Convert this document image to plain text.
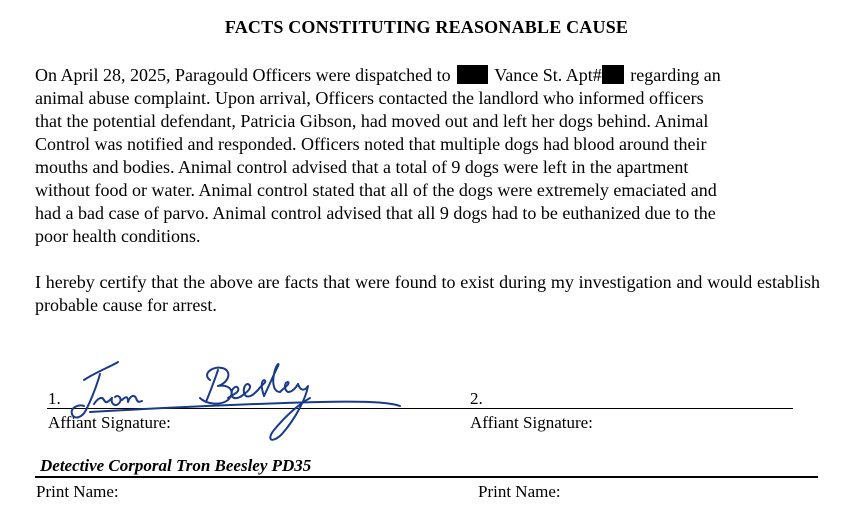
FACTS CONSTITUTING REASONABLE CAUSE
On April 28, 2025, Paragould Officers were dispatched to Vance St. Apt# regarding an
animal abuse complaint. Upon arrival, Officers contacted the landlord who informed officers
that the potential defendant, Patricia Gibson, had moved out and left her dogs behind. Animal
Control was notified and responded. Officers noted that multiple dogs had blood around their
mouths and bodies. Animal control advised that a total of 9 dogs were left in the apartment
without food or water. Animal control stated that all of the dogs were extremely emaciated and
had a bad case of parvo. Animal control advised that all 9 dogs had to be euthanized due to the
poor health conditions.
I hereby certify that the above are facts that were found to exist during my investigation and would establish probable cause for arrest.
1.	2.
Affiant Signature:	Affiant Signature:
Detective Corporal Tron Beesley PD35
Print Name:	Print Name:
